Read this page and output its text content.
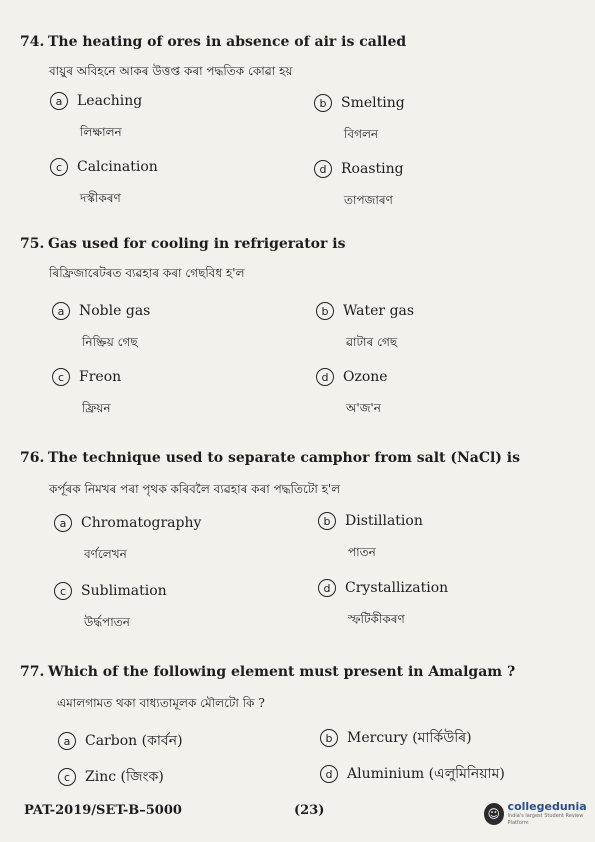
74. The heating of ores in absence of air is called
বায়ুৰ অবিহনে আকৰ উত্তপ্ত কৰা পদ্ধতিক কোৱা হয়
a	Leaching
লিক্ষালন
b	Smelting
বিগলন
c	Calcination
দস্কীকৰণ
d	Roasting
তাপজাৰণ
75. Gas used for cooling in refrigerator is
ৰিফ্রিজাৰেটৰত ব্যৱহাৰ কৰা গেছবিধ হ'ল
a	Noble gas
নিষ্ক্রিয় গেছ
b	Water gas
ৱাটাৰ গেছ
c	Freon
ফ্রিয়ন
d	Ozone
অ'জ'ন
76. The technique used to separate camphor from salt (NaCl) is
কৰ্পূৰক নিমখৰ পৰা পৃথক কৰিবলৈ ব্যৱহাৰ কৰা পদ্ধতিটো হ'ল
a	Chromatography
বৰ্ণলেখন
b	Distillation
পাতন
c	Sublimation
উৰ্দ্ধপাতন
d	Crystallization
স্ফটিকীকৰণ
77. Which of the following element must present in Amalgam ?
এমালগামত থকা বাধ্যতামূলক মৌলটো কি ?
a	Carbon (কাৰ্বন)	b	Mercury (মাৰ্কিউৰি)
c	Zinc (জিংক)	d	Aluminium (এলুমিনিয়াম)
PAT-2019/SET-B–5000	(23)	☺
collegedunia
India's largest Student Review Platform
